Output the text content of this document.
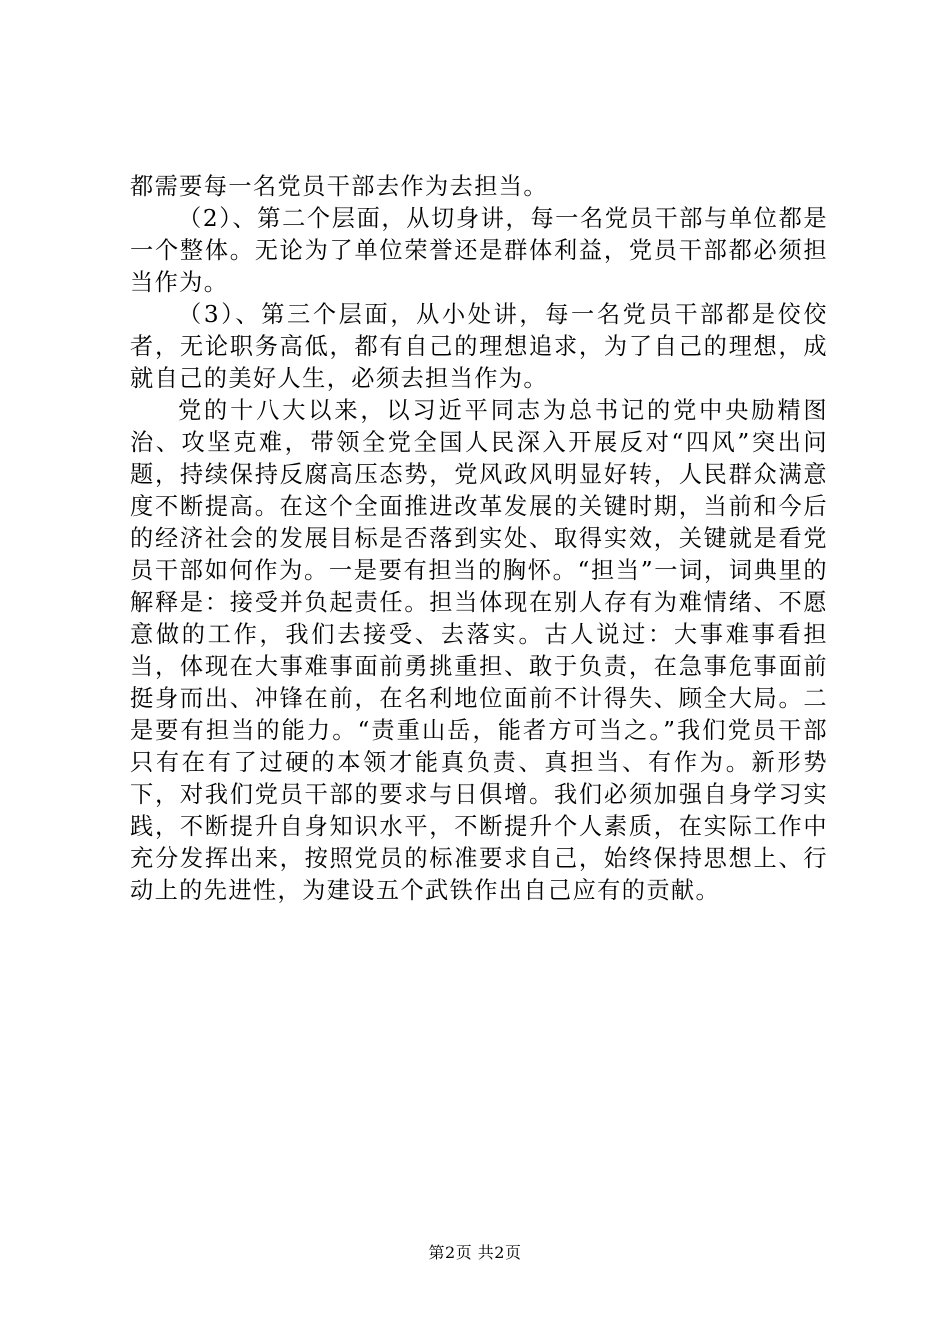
都需要每一名党员干部去作为去担当。

（2）、第二个层面，从切身讲，每一名党员干部与单位都是一个整体。无论为了单位荣誉还是群体利益，党员干部都必须担当作为。

（3）、第三个层面，从小处讲，每一名党员干部都是佼佼者，无论职务高低，都有自己的理想追求，为了自己的理想，成就自己的美好人生，必须去担当作为。

党的十八大以来，以习近平同志为总书记的党中央励精图治、攻坚克难，带领全党全国人民深入开展反对“四风”突出问题，持续保持反腐高压态势，党风政风明显好转，人民群众满意度不断提高。在这个全面推进改革发展的关键时期，当前和今后的经济社会的发展目标是否落到实处、取得实效，关键就是看党员干部如何作为。一是要有担当的胸怀。“担当”一词，词典里的解释是：接受并负起责任。担当体现在别人存有为难情绪、不愿意做的工作，我们去接受、去落实。古人说过：大事难事看担当，体现在大事难事面前勇挑重担、敢于负责，在急事危事面前挺身而出、冲锋在前，在名利地位面前不计得失、顾全大局。二是要有担当的能力。“责重山岳，能者方可当之。”我们党员干部只有在有了过硬的本领才能真负责、真担当、有作为。新形势下，对我们党员干部的要求与日俱增。我们必须加强自身学习实践，不断提升自身知识水平，不断提升个人素质，在实际工作中充分发挥出来，按照党员的标准要求自己，始终保持思想上、行动上的先进性，为建设五个武铁作出自己应有的贡献。

第2页 共2页
